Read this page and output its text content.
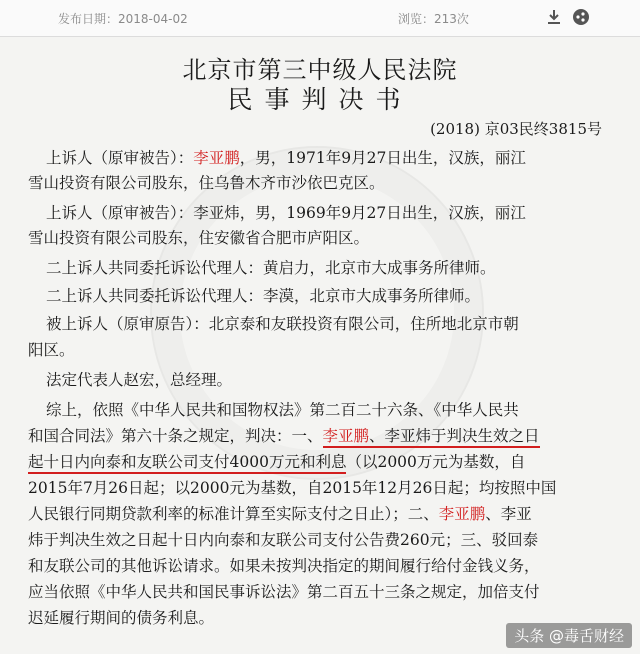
发布日期：2018-04-02	浏览：213次
北京市第三中级人民法院
民事判决书
(2018) 京03民终3815号
上诉人（原审被告）：李亚鹏，男，1971年9月27日出生，汉族，丽江
雪山投资有限公司股东，住乌鲁木齐市沙依巴克区。
上诉人（原审被告）：李亚炜，男，1969年9月27日出生，汉族，丽江
雪山投资有限公司股东，住安徽省合肥市庐阳区。
二上诉人共同委托诉讼代理人：黄启力，北京市大成事务所律师。
二上诉人共同委托诉讼代理人：李漠，北京市大成事务所律师。
被上诉人（原审原告）：北京泰和友联投资有限公司，住所地北京市朝
阳区。
法定代表人赵宏，总经理。
综上，依照《中华人民共和国物权法》第二百二十六条、《中华人民共
和国合同法》第六十条之规定，判决：一、李亚鹏、李亚炜于判决生效之日
起十日内向泰和友联公司支付4000万元和利息（以2000万元为基数，自
2015年7月26日起；以2000元为基数，自2015年12月26日起；均按照中国
人民银行同期贷款利率的标准计算至实际支付之日止）；二、李亚鹏、李亚
炜于判决生效之日起十日内向泰和友联公司支付公告费260元；三、驳回泰
和友联公司的其他诉讼请求。如果未按判决指定的期间履行给付金钱义务，
应当依照《中华人民共和国民事诉讼法》第二百五十三条之规定，加倍支付
迟延履行期间的债务利息。
头条 @毒舌财经
